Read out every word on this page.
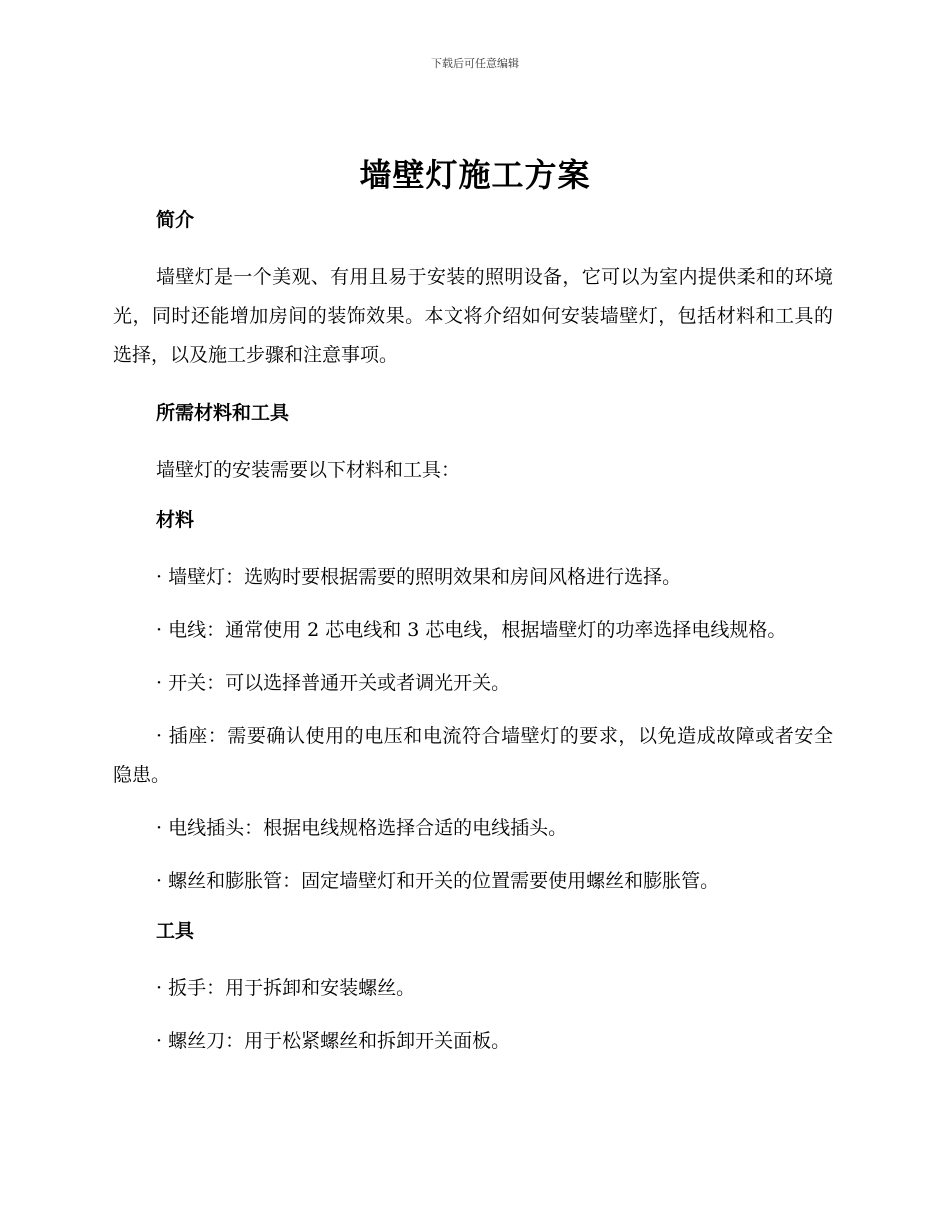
下载后可任意编辑
墙壁灯施工方案

简介

墙壁灯是一个美观、有用且易于安装的照明设备，它可以为室内提供柔和的环境光，同时还能增加房间的装饰效果。本文将介绍如何安装墙壁灯，包括材料和工具的选择，以及施工步骤和注意事项。

所需材料和工具

墙壁灯的安装需要以下材料和工具：

材料

· 墙壁灯：选购时要根据需要的照明效果和房间风格进行选择。

· 电线：通常使用 2 芯电线和 3 芯电线，根据墙壁灯的功率选择电线规格。

· 开关：可以选择普通开关或者调光开关。

· 插座：需要确认使用的电压和电流符合墙壁灯的要求，以免造成故障或者安全隐患。

· 电线插头：根据电线规格选择合适的电线插头。

· 螺丝和膨胀管：固定墙壁灯和开关的位置需要使用螺丝和膨胀管。

工具

· 扳手：用于拆卸和安装螺丝。

· 螺丝刀：用于松紧螺丝和拆卸开关面板。
